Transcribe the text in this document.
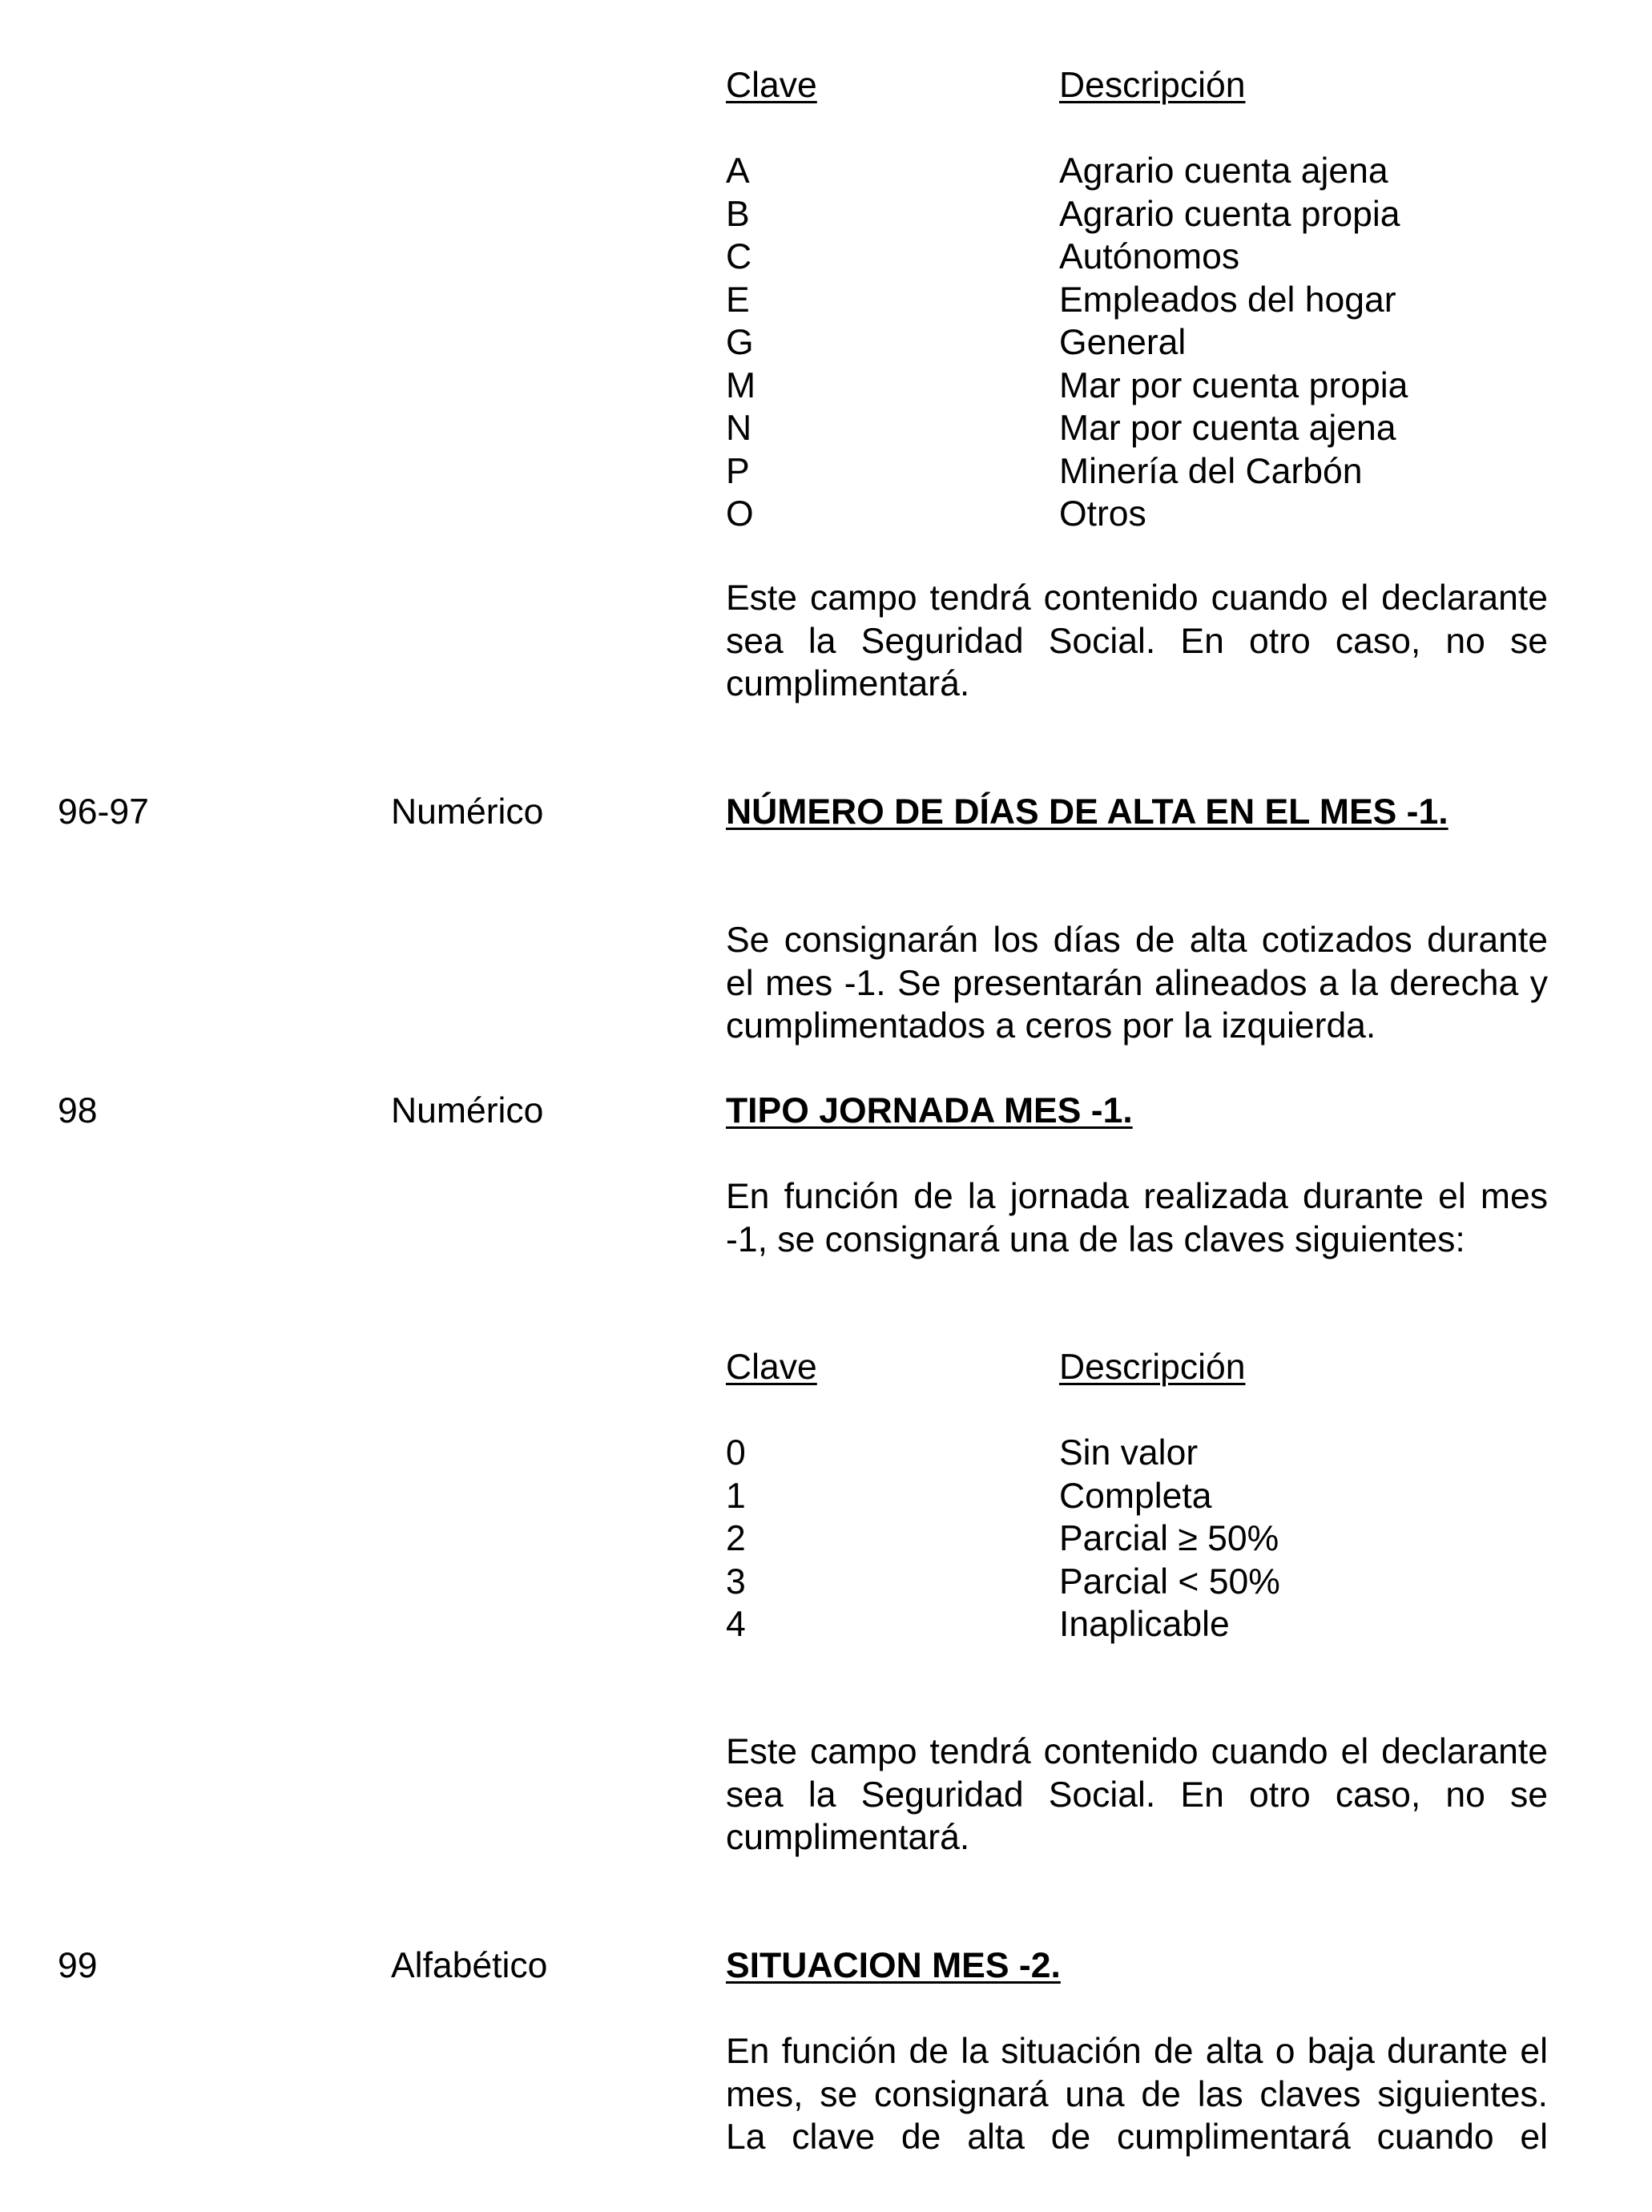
Clave	Descripción
A	Agrario cuenta ajena
B	Agrario cuenta propia
C	Autónomos
E	Empleados del hogar
G	General
M	Mar por cuenta propia
N	Mar por cuenta ajena
P	Minería del Carbón
O	Otros
Este campo tendrá contenido cuando el declarante sea la Seguridad Social. En otro caso, no se cumplimentará.
96-97	Numérico	NÚMERO DE DÍAS DE ALTA EN EL MES -1.
Se consignarán los días de alta cotizados durante el mes -1. Se presentarán alineados a la derecha y cumplimentados a ceros por la izquierda.
98	Numérico	TIPO JORNADA MES -1.
En función de la jornada realizada durante el mes -1, se consignará una de las claves siguientes:
Clave	Descripción
0	Sin valor
1	Completa
2	Parcial ≥ 50%
3	Parcial < 50%
4	Inaplicable
Este campo tendrá contenido cuando el declarante sea la Seguridad Social. En otro caso, no se cumplimentará.
99	Alfabético	SITUACION MES -2.
En función de la situación de alta o baja durante el mes, se consignará una de las claves siguientes. La clave de alta de cumplimentará cuando el
